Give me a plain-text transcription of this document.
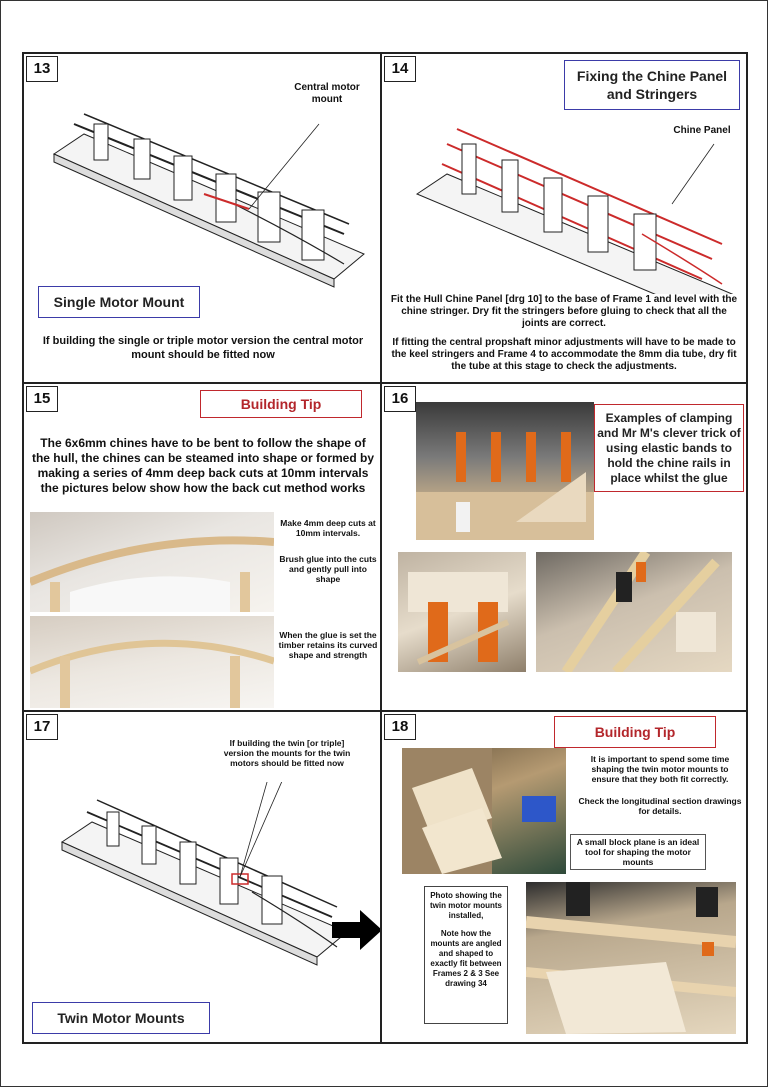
13
Central motor mount
Single Motor Mount
If building the single or triple motor version the central motor mount should be fitted now
14	Fixing the Chine Panel and Stringers
Chine Panel
Fit the Hull Chine Panel [drg 10] to the base of Frame 1 and level with the chine stringer. Dry fit the stringers before gluing to check that all the joints are correct.
If fitting the central propshaft minor adjustments will have to be made to the keel stringers and Frame 4 to accommodate the 8mm dia tube, dry fit the tube at this stage to check the adjustments.
15	Building Tip
The 6x6mm chines have to be bent to follow the shape of the hull, the chines can be steamed into shape or formed by making a series of 4mm deep back cuts at 10mm intervals the pictures below show how the back cut method works
Make 4mm deep cuts at 10mm intervals.
Brush glue into the cuts and gently pull into shape
When the glue is set the timber retains its curved shape and strength
16
Examples of clamping and Mr M's clever trick of using elastic bands to hold the chine rails in place whilst the glue
17
If building the twin [or triple] version the mounts for the twin motors should be fitted now
Twin Motor Mounts
18	Building Tip
It is important to spend some time shaping the twin motor mounts to ensure that they both fit correctly.
Check the longitudinal section drawings for details.
A small block plane is an ideal tool for shaping the motor mounts
Photo showing the twin motor mounts installed,
Note how the mounts are angled and shaped to exactly fit between Frames 2 & 3 See drawing 34
